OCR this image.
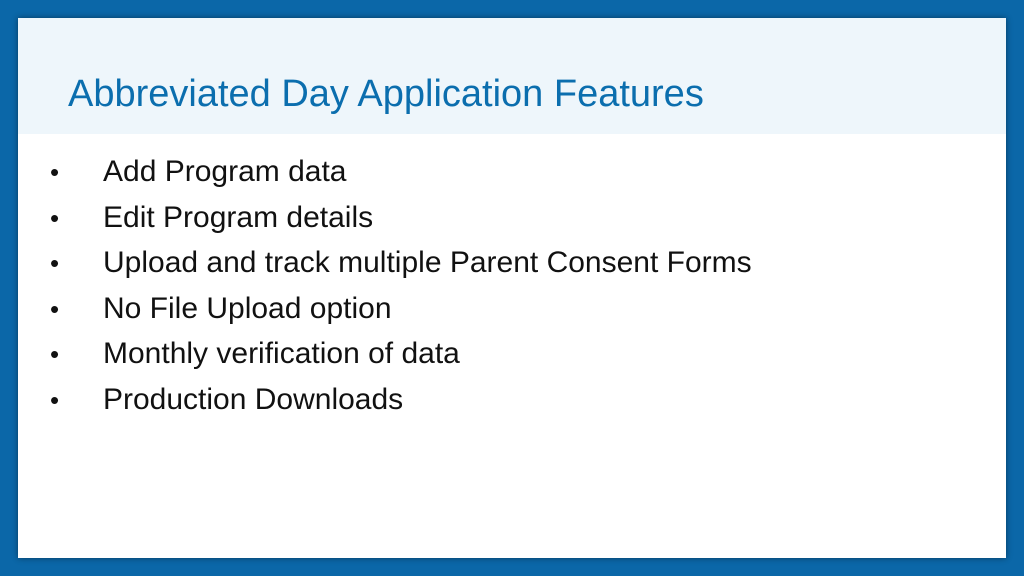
Abbreviated Day Application Features
•	Add Program data
•	Edit Program details
•	Upload and track multiple Parent Consent Forms
•	No File Upload option
•	Monthly verification of data
•	Production Downloads
